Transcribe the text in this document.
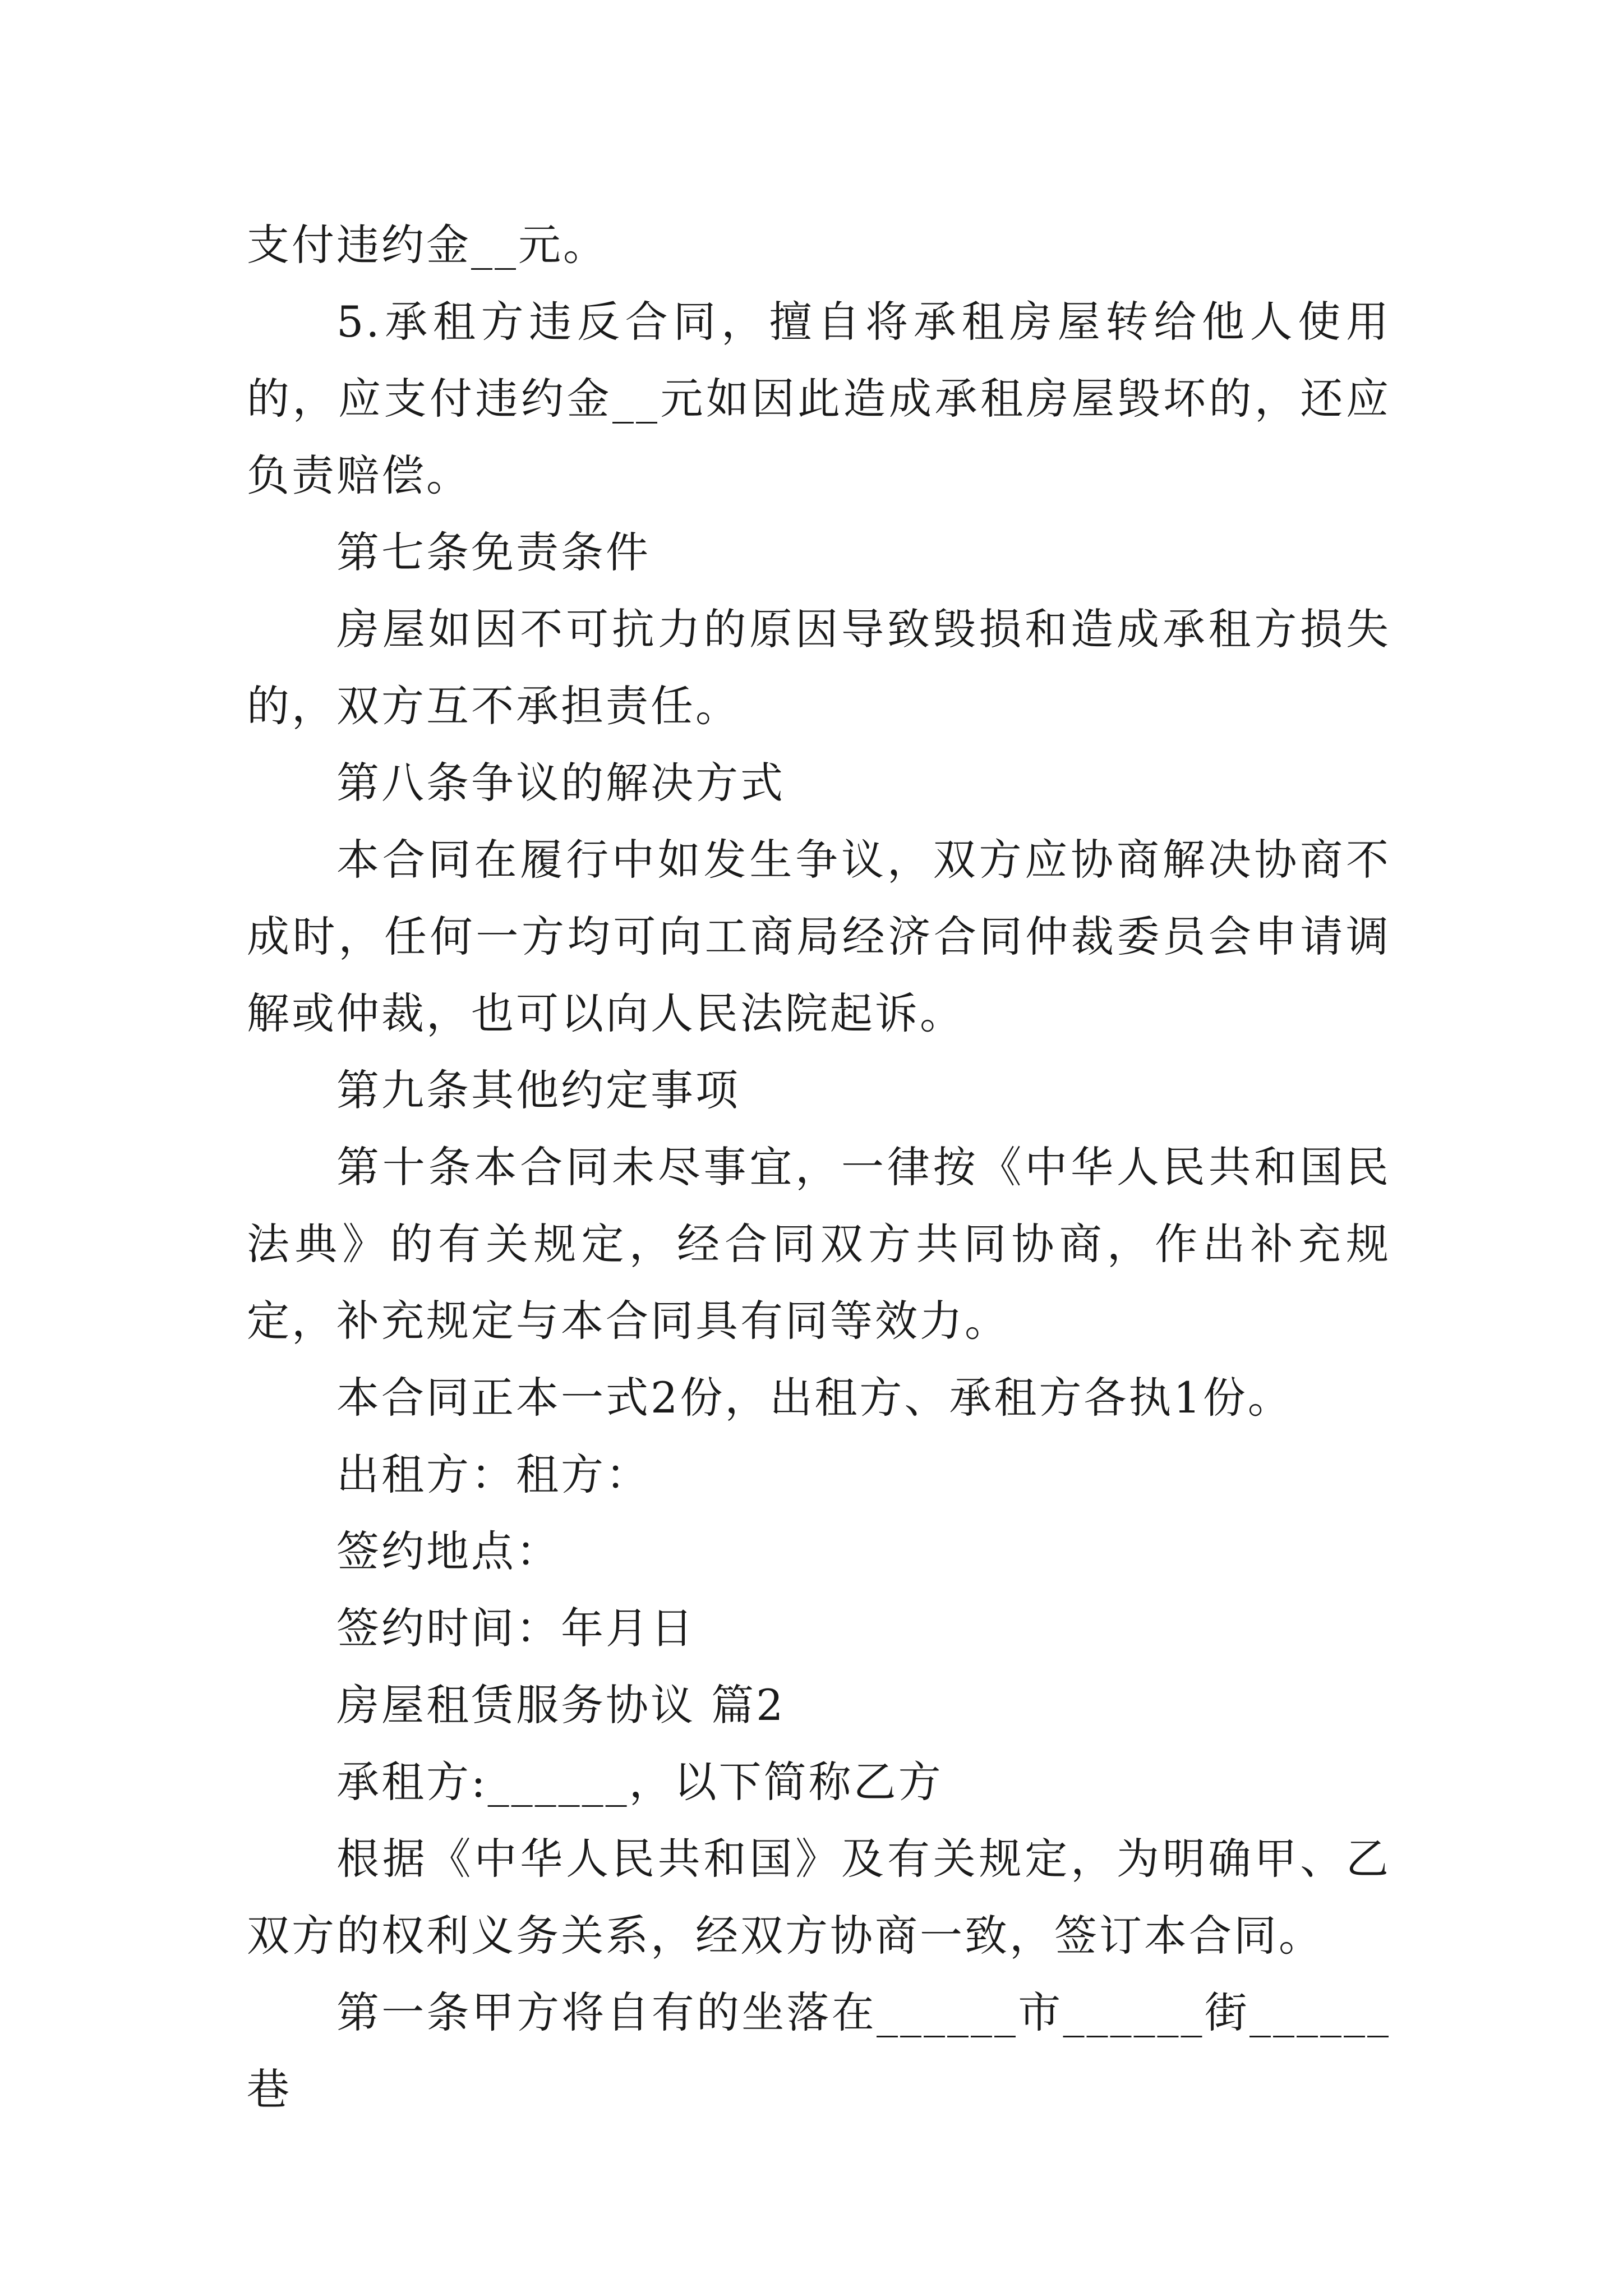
支付违约金__元。

5.承租方违反合同，擅自将承租房屋转给他人使用的，应支付违约金__元如因此造成承租房屋毁坏的，还应负责赔偿。

第七条免责条件

房屋如因不可抗力的原因导致毁损和造成承租方损失的，双方互不承担责任。

第八条争议的解决方式

本合同在履行中如发生争议，双方应协商解决协商不成时，任何一方均可向工商局经济合同仲裁委员会申请调解或仲裁，也可以向人民法院起诉。

第九条其他约定事项

第十条本合同未尽事宜，一律按《中华人民共和国民法典》的有关规定，经合同双方共同协商，作出补充规定，补充规定与本合同具有同等效力。

本合同正本一式2份，出租方、承租方各执1份。

出租方：租方：

签约地点：

签约时间：年月日

房屋租赁服务协议 篇2

承租方:______，以下简称乙方

根据《中华人民共和国》及有关规定，为明确甲、乙双方的权利义务关系，经双方协商一致，签订本合同。

第一条甲方将自有的坐落在______市______街______巷
